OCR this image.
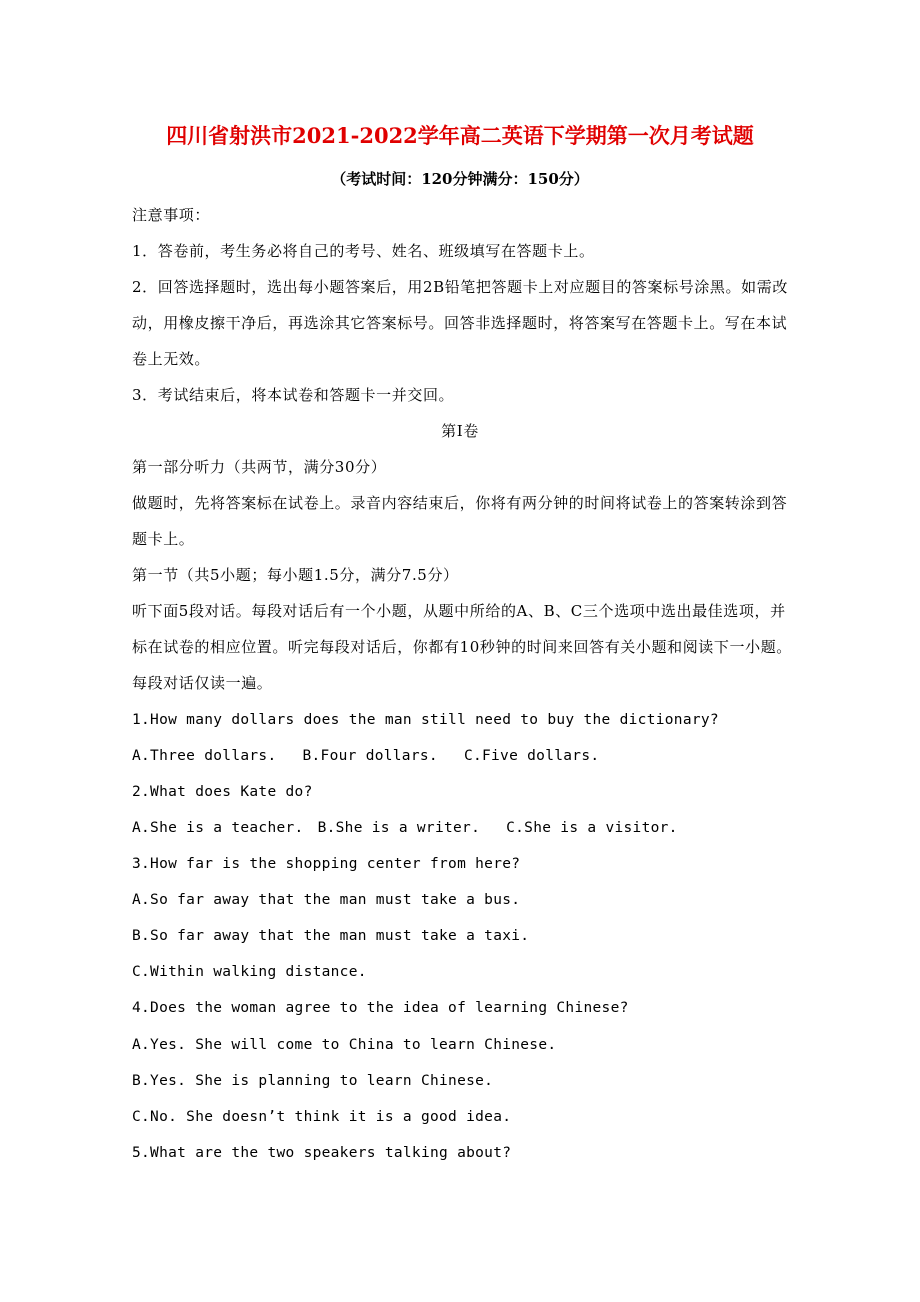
四川省射洪市2021-2022学年高二英语下学期第一次月考试题
（考试时间：120分钟满分：150分）
注意事项：
1．答卷前，考生务必将自己的考号、姓名、班级填写在答题卡上。
2．回答选择题时，选出每小题答案后，用2B铅笔把答题卡上对应题目的答案标号涂黑。如需改
动，用橡皮擦干净后，再选涂其它答案标号。回答非选择题时，将答案写在答题卡上。写在本试
卷上无效。
3．考试结束后，将本试卷和答题卡一并交回。
第Ⅰ卷
第一部分听力（共两节，满分30分）
做题时，先将答案标在试卷上。录音内容结束后，你将有两分钟的时间将试卷上的答案转涂到答
题卡上。
第一节（共5小题；每小题1.5分，满分7.5分）
听下面5段对话。每段对话后有一个小题，从题中所给的A、B、C三个选项中选出最佳选项，并
标在试卷的相应位置。听完每段对话后，你都有10秒钟的时间来回答有关小题和阅读下一小题。
每段对话仅读一遍。
1.How many dollars does the man still need to buy the dictionary?
A.Three dollars. B.Four dollars. C.Five dollars.
2.What does Kate do?
A.She is a teacher. B.She is a writer. C.She is a visitor.
3.How far is the shopping center from here?
A.So far away that the man must take a bus.
B.So far away that the man must take a taxi.
C.Within walking distance.
4.Does the woman agree to the idea of learning Chinese?
A.Yes. She will come to China to learn Chinese.
B.Yes. She is planning to learn Chinese.
C.No. She doesn’t think it is a good idea.
5.What are the two speakers talking about?
